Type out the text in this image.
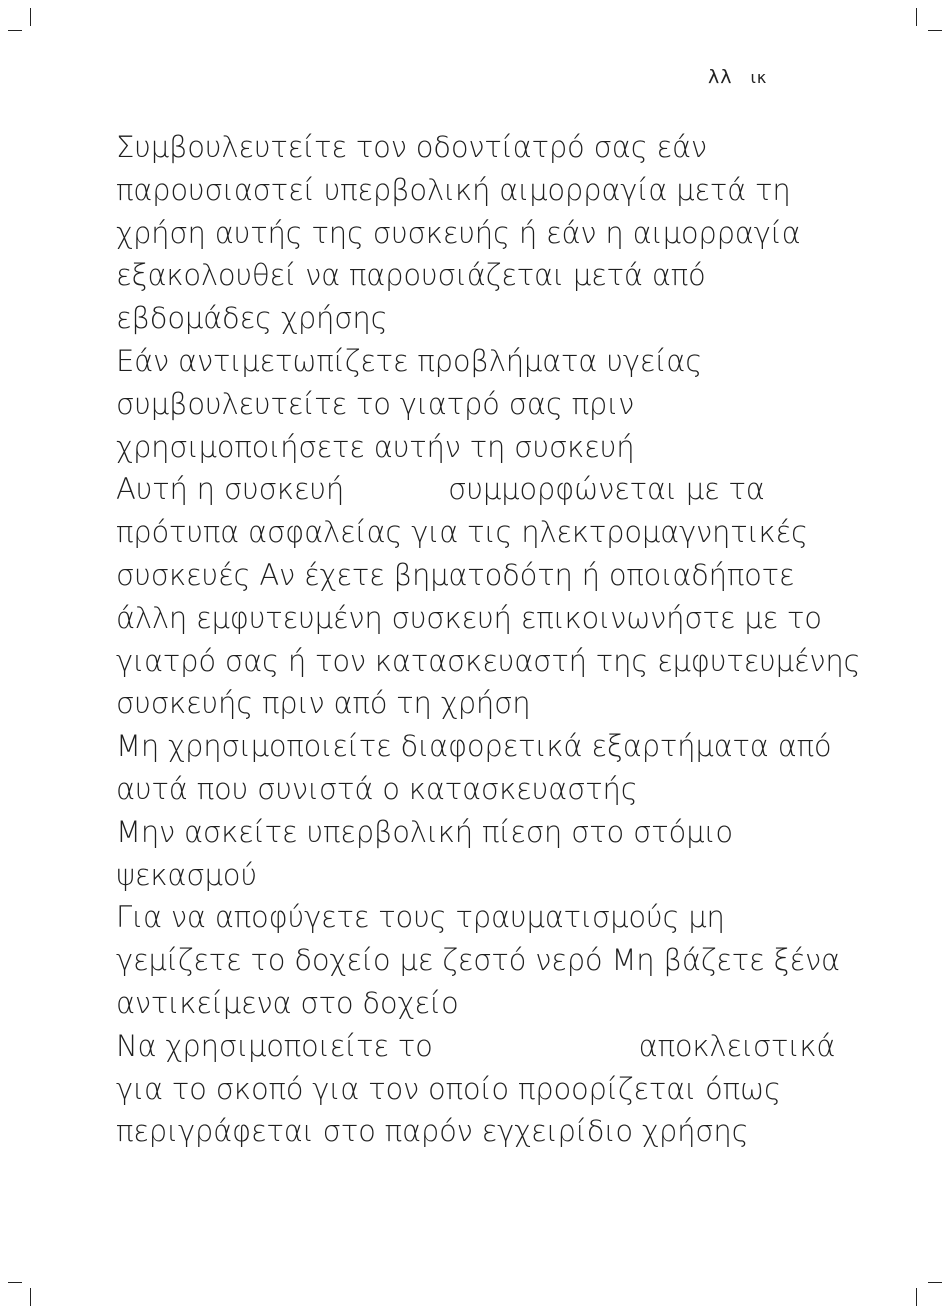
λλ ικ
Συμβουλευτείτε τον οδοντίατρό σας εάν
παρουσιαστεί υπερβολική αιμορραγία μετά τη
χρήση αυτής της συσκευής ή εάν η αιμορραγία
εξακολουθεί να παρουσιάζεται μετά από
εβδομάδες χρήσης
Εάν αντιμετωπίζετε προβλήματα υγείας
συμβουλευτείτε το γιατρό σας πριν
χρησιμοποιήσετε αυτήν τη συσκευή
Αυτή η συσκευή	συμμορφώνεται με τα
πρότυπα ασφαλείας για τις ηλεκτρομαγνητικές
συσκευές Αν έχετε βηματοδότη ή οποιαδήποτε
άλλη εμφυτευμένη συσκευή επικοινωνήστε με το
γιατρό σας ή τον κατασκευαστή της εμφυτευμένης
συσκευής πριν από τη χρήση
Μη χρησιμοποιείτε διαφορετικά εξαρτήματα από
αυτά που συνιστά ο κατασκευαστής
Μην ασκείτε υπερβολική πίεση στο στόμιο
ψεκασμού
Για να αποφύγετε τους τραυματισμούς μη
γεμίζετε το δοχείο με ζεστό νερό Μη βάζετε ξένα
αντικείμενα στο δοχείο
Να χρησιμοποιείτε το	αποκλειστικά
για το σκοπό για τον οποίο προορίζεται όπως
περιγράφεται στο παρόν εγχειρίδιο χρήσης
